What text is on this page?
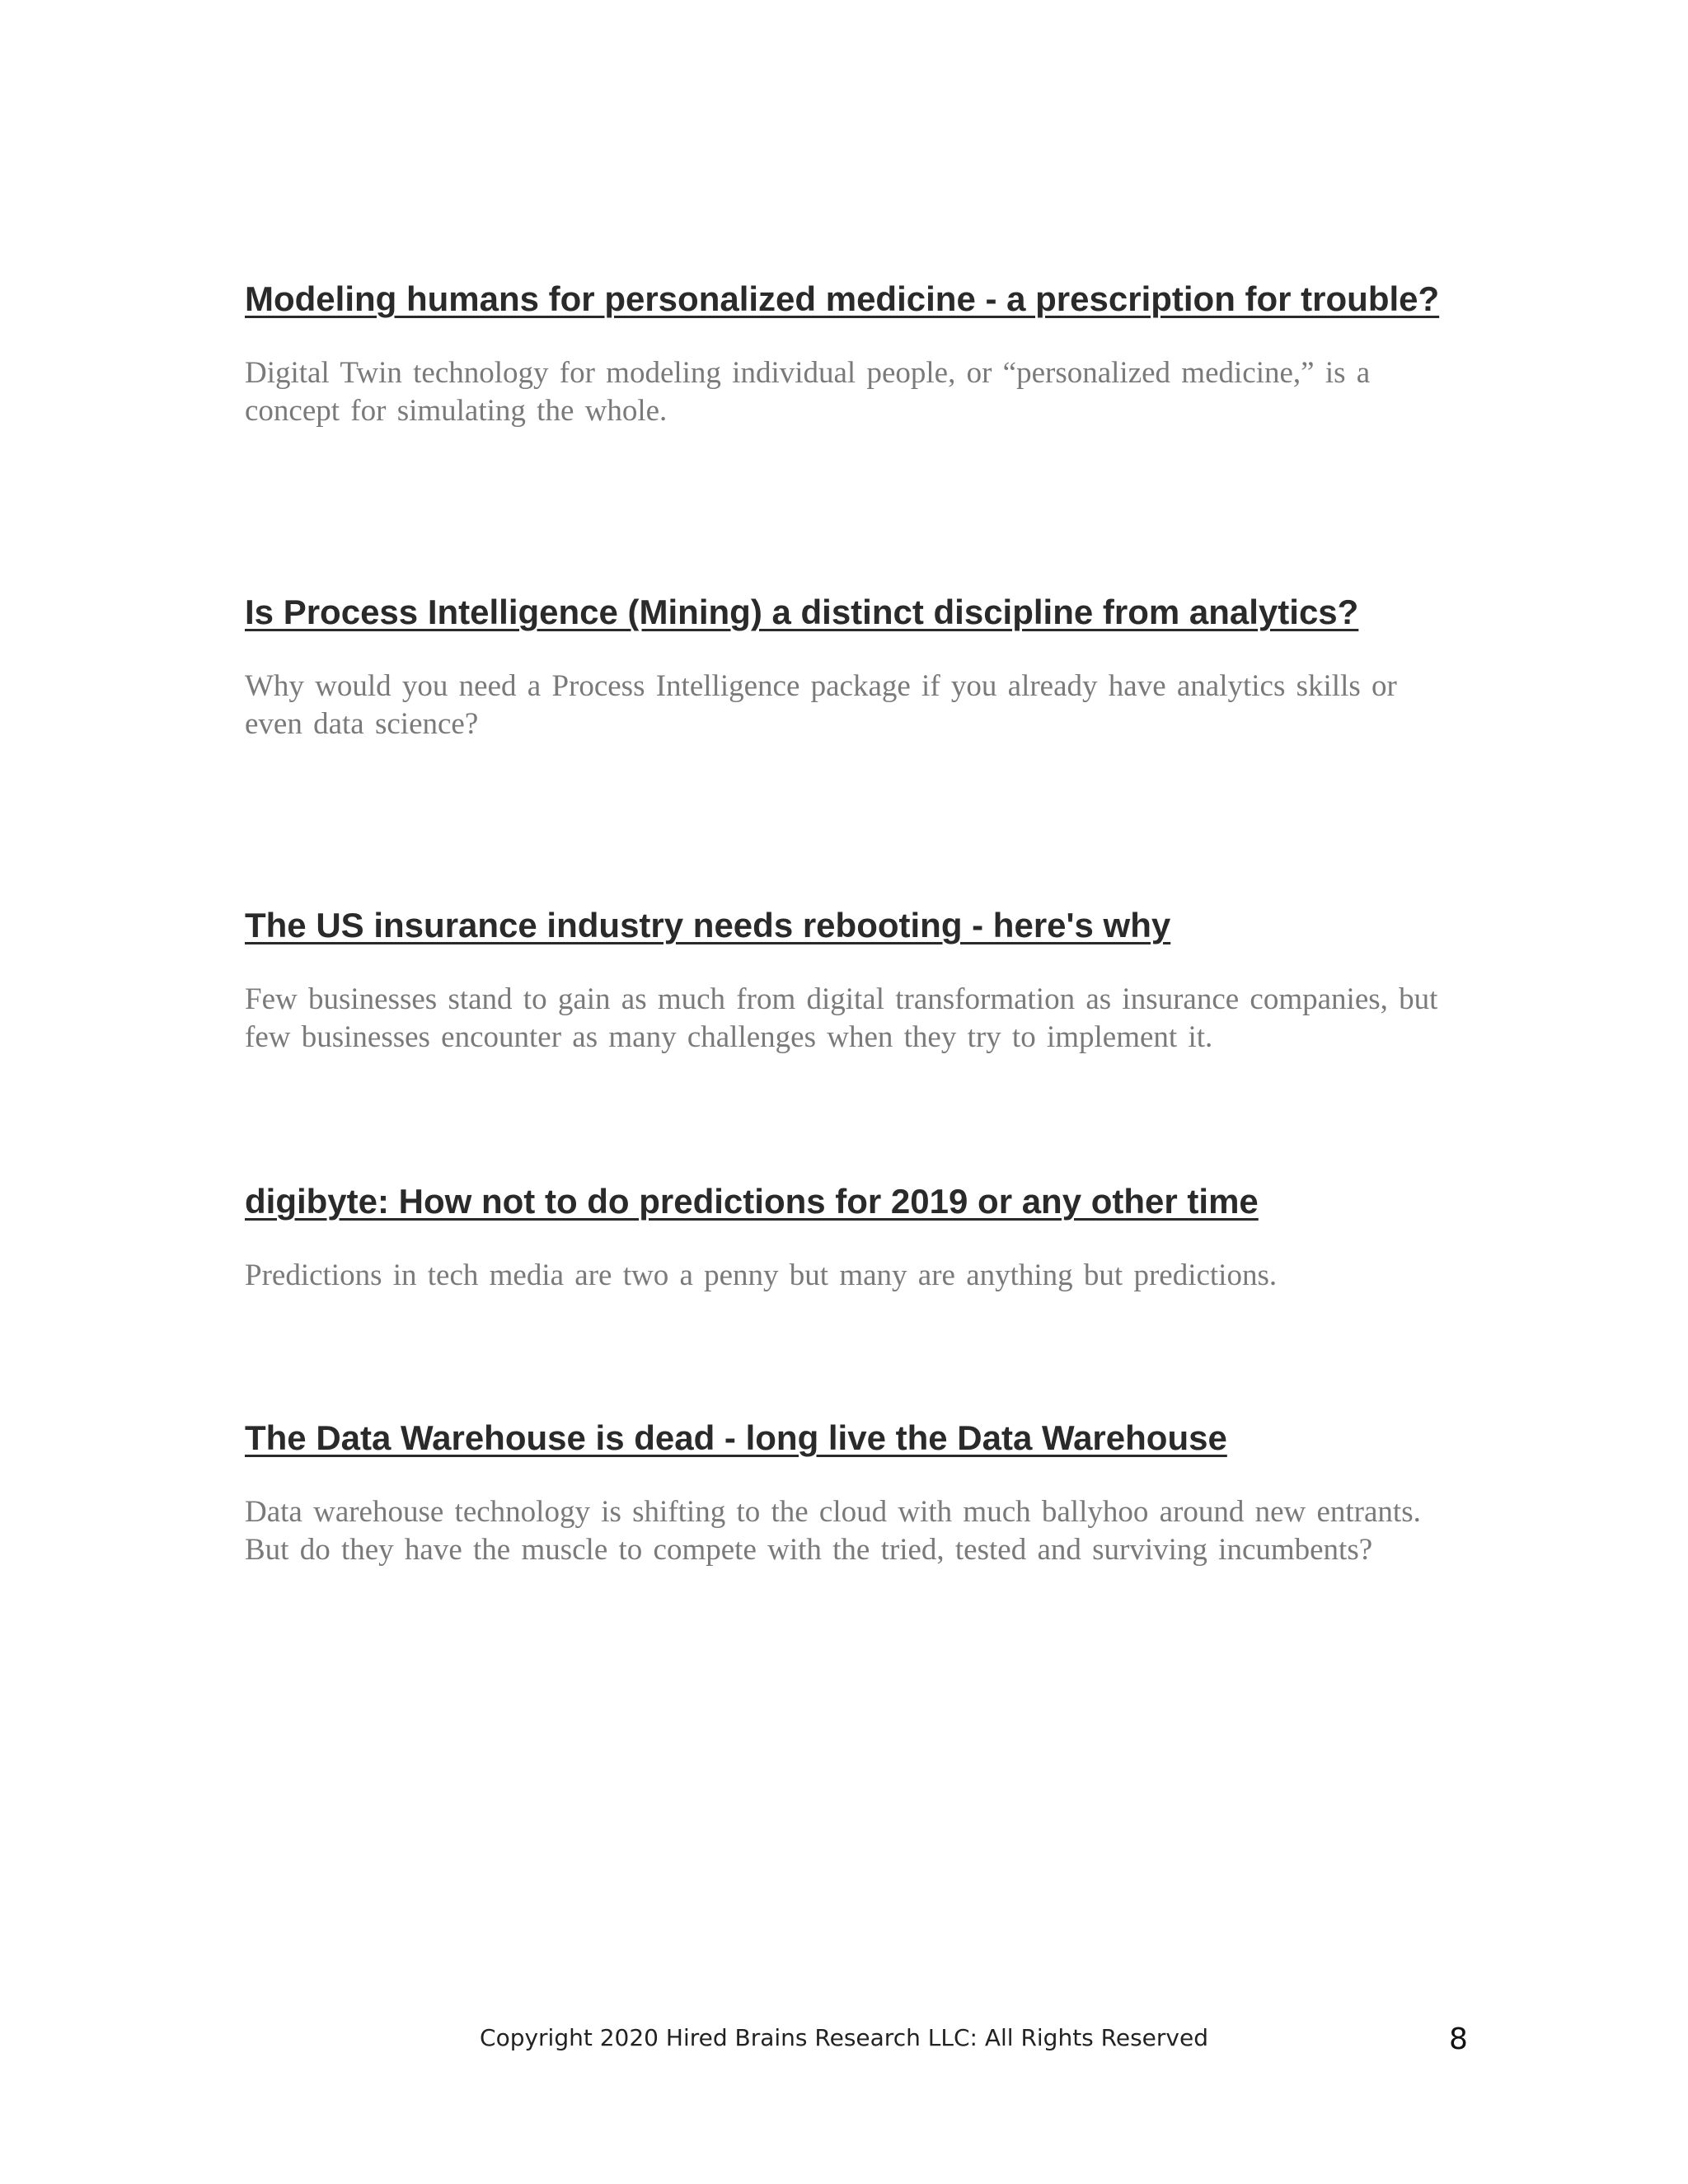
Modeling humans for personalized medicine - a prescription for trouble?

Digital Twin technology for modeling individual people, or “personalized medicine,” is a concept for simulating the whole.

Is Process Intelligence (Mining) a distinct discipline from analytics?

Why would you need a Process Intelligence package if you already have analytics skills or even data science?

The US insurance industry needs rebooting - here's why

Few businesses stand to gain as much from digital transformation as insurance companies, but few businesses encounter as many challenges when they try to implement it.

digibyte: How not to do predictions for 2019 or any other time

Predictions in tech media are two a penny but many are anything but predictions.

The Data Warehouse is dead - long live the Data Warehouse

Data warehouse technology is shifting to the cloud with much ballyhoo around new entrants. But do they have the muscle to compete with the tried, tested and surviving incumbents?

Copyright 2020 Hired Brains Research LLC: All Rights Reserved	8
